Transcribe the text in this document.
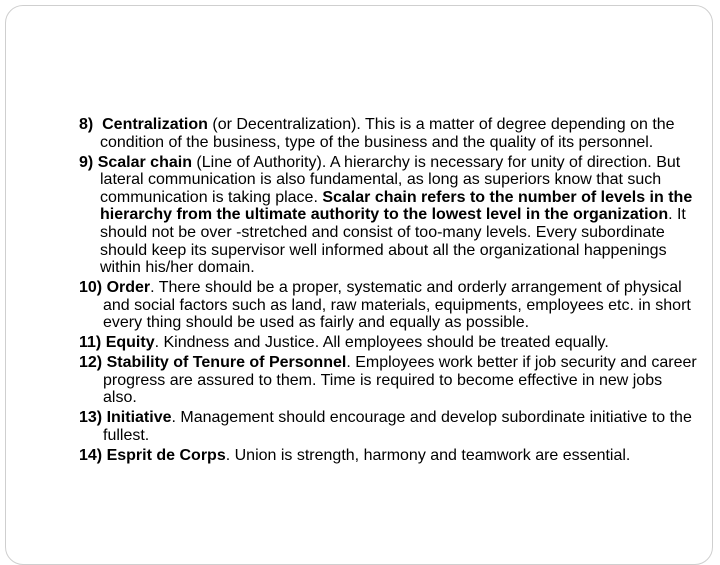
8) Centralization (or Decentralization). This is a matter of degree depending on the condition of the business, type of the business and the quality of its personnel.

9) Scalar chain (Line of Authority). A hierarchy is necessary for unity of direction. But lateral communication is also fundamental, as long as superiors know that such communication is taking place. Scalar chain refers to the number of levels in the hierarchy from the ultimate authority to the lowest level in the organization. It should not be over -stretched and consist of too-many levels. Every subordinate should keep its supervisor well informed about all the organizational happenings within his/her domain.

10) Order. There should be a proper, systematic and orderly arrangement of physical and social factors such as land, raw materials, equipments, employees etc. in short every thing should be used as fairly and equally as possible.

11) Equity. Kindness and Justice. All employees should be treated equally.

12) Stability of Tenure of Personnel. Employees work better if job security and career progress are assured to them. Time is required to become effective in new jobs also.

13) Initiative. Management should encourage and develop subordinate initiative to the fullest.

14) Esprit de Corps. Union is strength, harmony and teamwork are essential.
